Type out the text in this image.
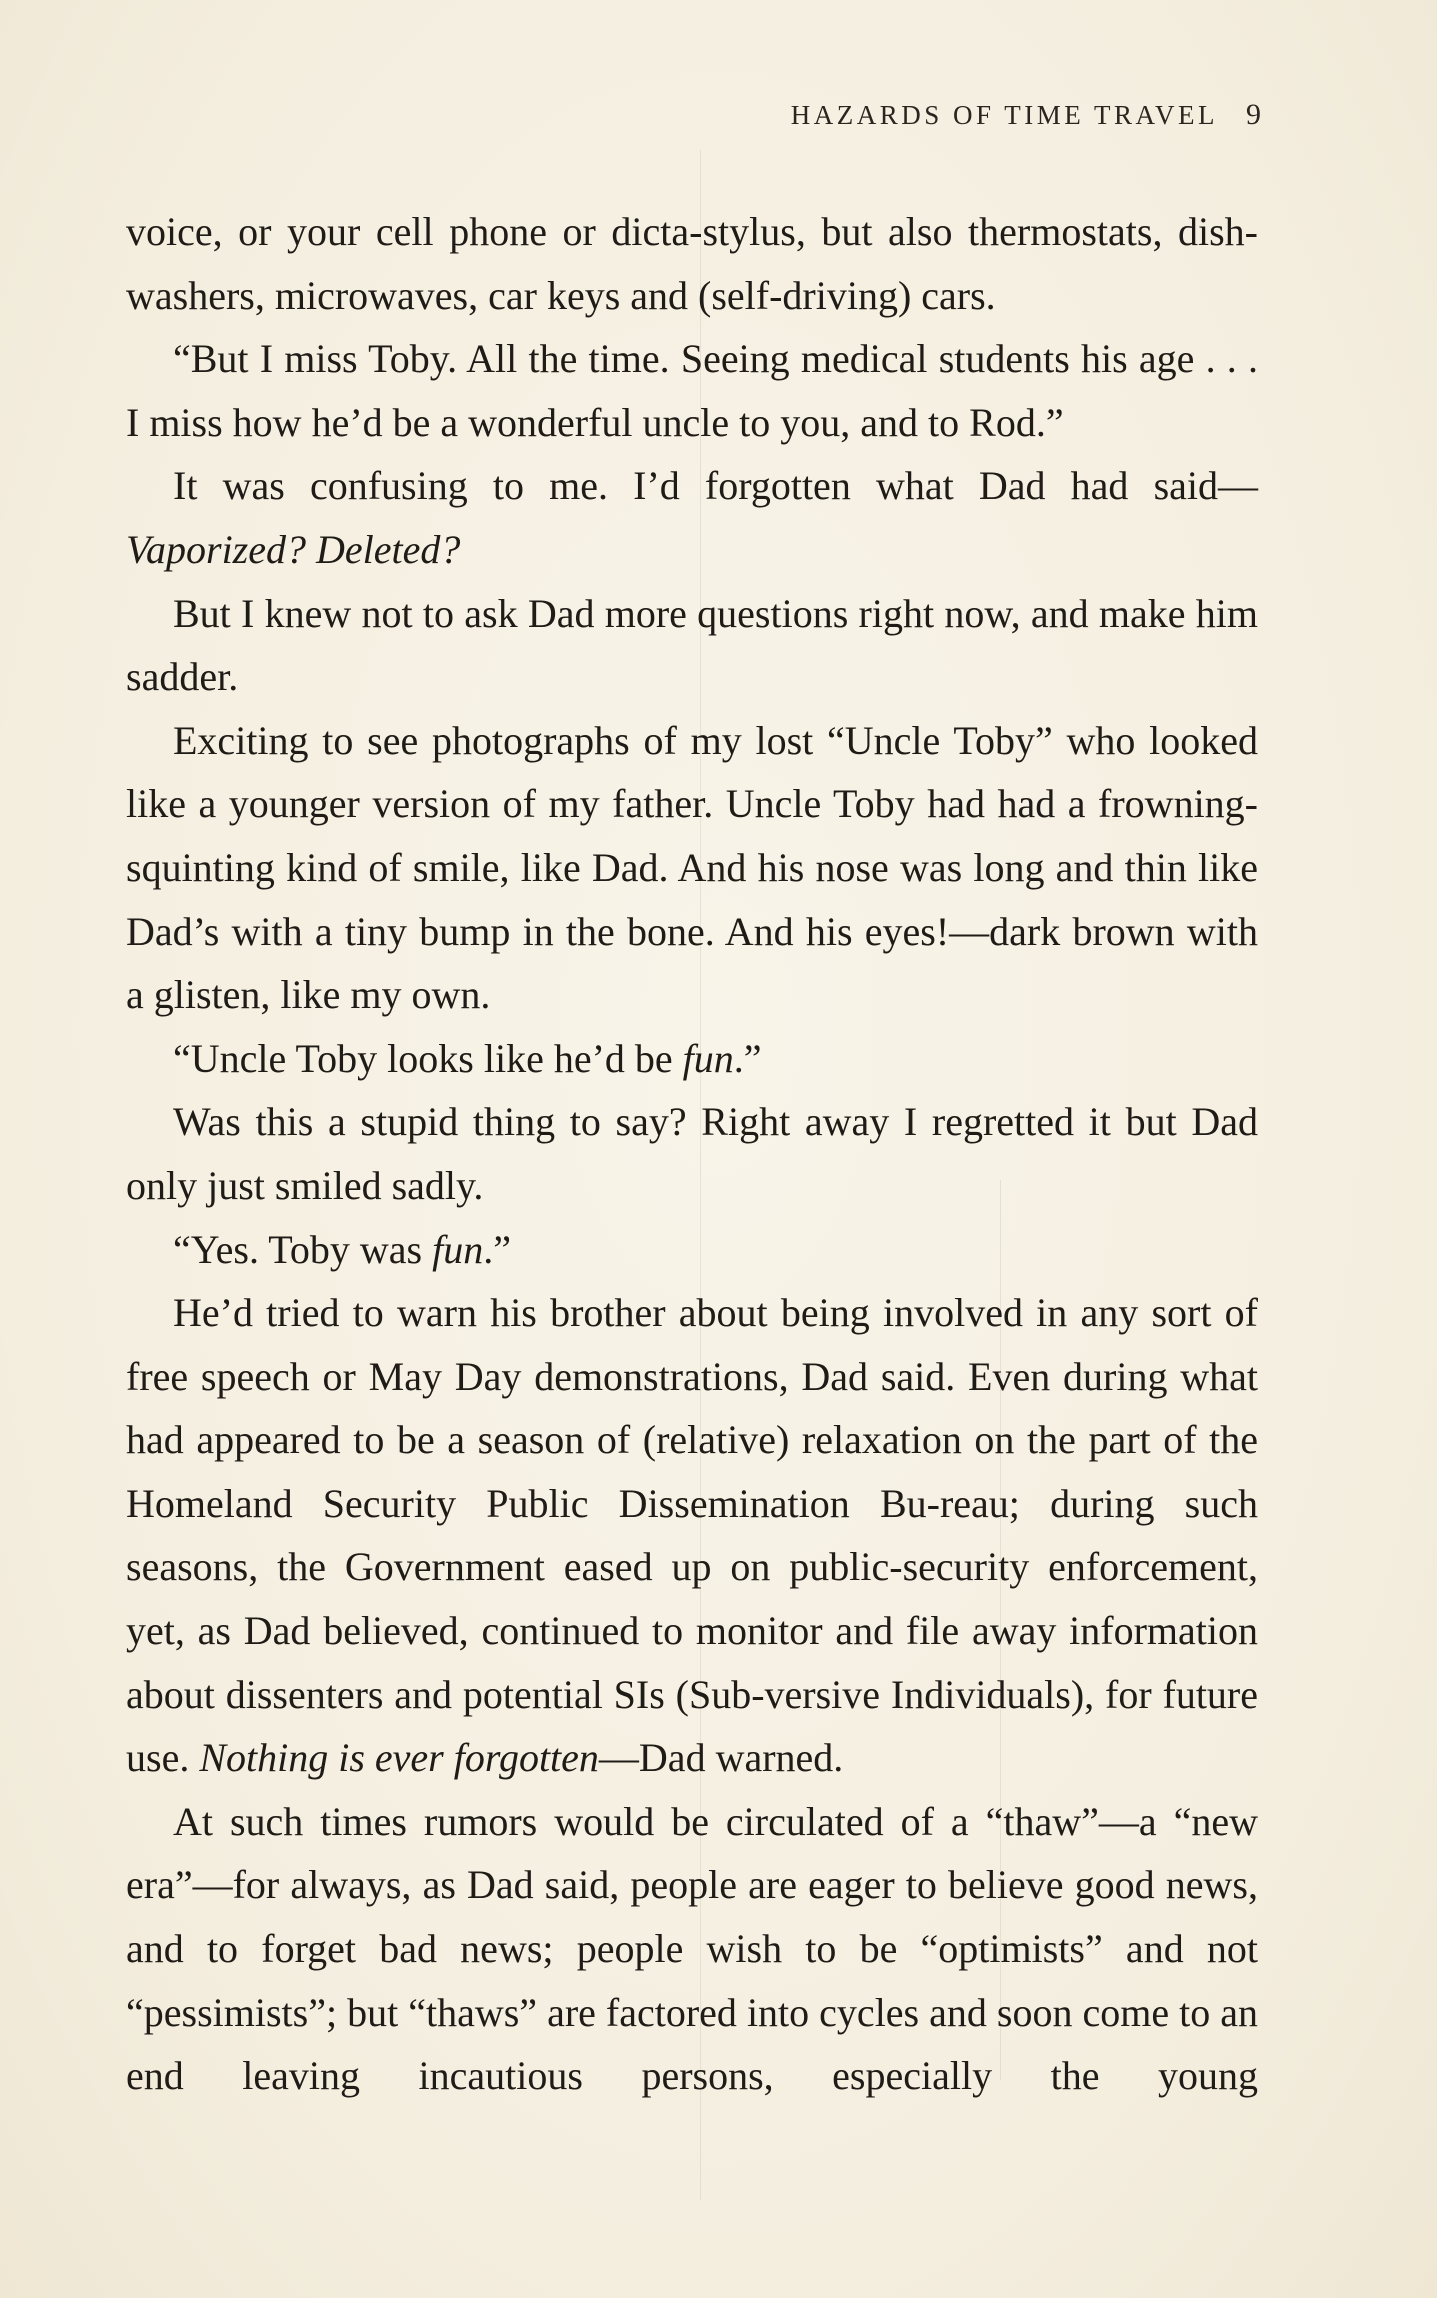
HAZARDS OF TIME TRAVEL 9

voice, or your cell phone or dicta-stylus, but also thermostats, dish-washers, microwaves, car keys and (self-driving) cars.

“But I miss Toby. All the time. Seeing medical students his age . . . I miss how he’d be a wonderful uncle to you, and to Rod.”

It was confusing to me. I’d forgotten what Dad had said—Vaporized? Deleted?

But I knew not to ask Dad more questions right now, and make him sadder.

Exciting to see photographs of my lost “Uncle Toby” who looked like a younger version of my father. Uncle Toby had had a frowning-squinting kind of smile, like Dad. And his nose was long and thin like Dad’s with a tiny bump in the bone. And his eyes!—dark brown with a glisten, like my own.

“Uncle Toby looks like he’d be fun.”

Was this a stupid thing to say? Right away I regretted it but Dad only just smiled sadly.

“Yes. Toby was fun.”

He’d tried to warn his brother about being involved in any sort of free speech or May Day demonstrations, Dad said. Even during what had appeared to be a season of (relative) relaxation on the part of the Homeland Security Public Dissemination Bu-reau; during such seasons, the Government eased up on public-security enforcement, yet, as Dad believed, continued to monitor and file away information about dissenters and potential SIs (Sub-versive Individuals), for future use. Nothing is ever forgotten—Dad warned.

At such times rumors would be circulated of a “thaw”—a “new era”—for always, as Dad said, people are eager to believe good news, and to forget bad news; people wish to be “optimists” and not “pessimists”; but “thaws” are factored into cycles and soon come to an end leaving incautious persons, especially the young
